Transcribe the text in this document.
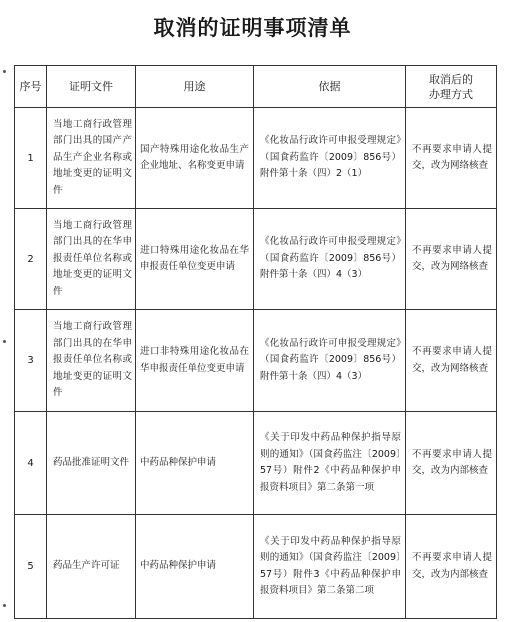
取消的证明事项清单
序号	证明文件	用途	依据	取消后的
办理方式
1	当地工商行政管理部门出具的国产产品生产企业名称或地址变更的证明文件	国产特殊用途化妆品生产企业地址、名称变更申请	《化妆品行政许可申报受理规定》（国食药监许〔2009〕856号）附件第十条（四）2（1）	不再要求申请人提交，改为网络核查

2	当地工商行政管理部门出具的在华申报责任单位名称或地址变更的证明文件	进口特殊用途化妆品在华申报责任单位变更申请	《化妆品行政许可申报受理规定》（国食药监许〔2009〕856号）附件第十条（四）4（3）	不再要求申请人提交，改为网络核查

3	当地工商行政管理部门出具的在华申报责任单位名称或地址变更的证明文件	进口非特殊用途化妆品在华申报责任单位变更申请	《化妆品行政许可申报受理规定》（国食药监许〔2009〕856号）附件第十条（四）4（3）	不再要求申请人提交，改为网络核查

4	药品批准证明文件	中药品种保护申请	《关于印发中药品种保护指导原则的通知》（国食药监注〔2009〕57号）附件2《中药品种保护申报资料项目》第二条第一项	不再要求申请人提交，改为内部核查

5	药品生产许可证	中药品种保护申请	《关于印发中药品种保护指导原则的通知》（国食药监注〔2009〕57号）附件3《中药品种保护申报资料项目》第二条第二项	不再要求申请人提交，改为内部核查
